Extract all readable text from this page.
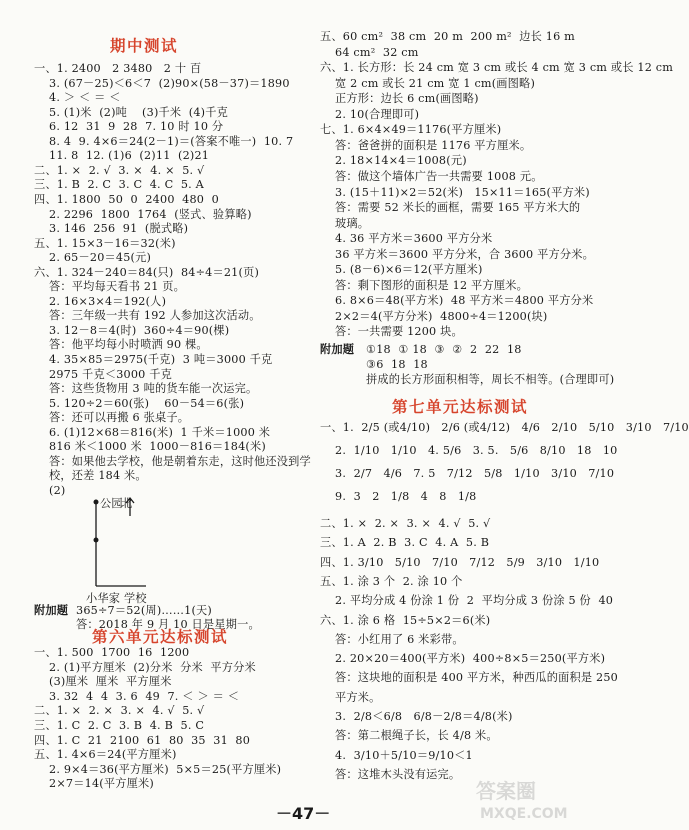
期中测试
一、1. 2400   2 3480   2 十 百
3. (67－25)＜6＜7  (2)90×(58－37)＝1890
4. ＞ ＜ ＝ ＜
5. (1)米  (2)吨    (3)千米  (4)千克
6. 12  31  9  28  7. 10 时 10 分
8. 4  9. 4×6＝24(2－1)＝(答案不唯一)  10. 7
11. 8  12. (1)6  (2)11  (2)21
二、1. ×  2. √  3. ×  4. ×  5. √
三、1. B  2. C  3. C  4. C  5. A
四、1. 1800  50  0  2400  480  0
2. 2296  1800  1764  (竖式、验算略)
3. 146  256  91  (脱式略)
五、1. 15×3－16＝32(米)
2. 65－20＝45(元)
六、1. 324－240＝84(只)  84÷4＝21(页)
答：平均每天看书 21 页。
2. 16×3×4＝192(人)
答：三年级一共有 192 人参加这次活动。
3. 12－8＝4(时)  360÷4＝90(棵)
答：他平均每小时喷洒 90 棵。
4. 35×85＝2975(千克)  3 吨＝3000 千克
2975 千克＜3000 千克
答：这些货物用 3 吨的货车能一次运完。
5. 120÷2＝60(张)    60－54＝6(张)
答：还可以再搬 6 张桌子。
6. (1)12×68＝816(米)  1 千米＝1000 米
816 米＜1000 米  1000－816＝184(米)
答：如果他去学校，他是朝着东走，这时他还没到学
校，还差 184 米。
(2)
公园
北
小华家 学校
附加题 365÷7＝52(周)……1(天)
答：2018 年 9 月 10 日是星期一。
第六单元达标测试
一、1. 500  1700  16  1200
2. (1)平方厘米  (2)分米  分米  平方分米
(3)厘米  厘米  平方厘米
3. 32  4  4  3. 6  49  7. ＜ ＞ ＝ ＜
二、1. ×  2. ×  3. ×  4. √  5. √
三、1. C  2. C  3. B  4. B  5. C
四、1. C  21  2100  61  80  35  31  80
五、1. 4×6＝24(平方厘米)
2. 9×4＝36(平方厘米)  5×5＝25(平方厘米)
2×7＝14(平方厘米)
五、60 cm²  38 cm  20 m  200 m²  边长 16 m
64 cm²  32 cm
六、1. 长方形：长 24 cm 宽 3 cm 或长 4 cm 宽 3 cm 或长 12 cm
宽 2 cm 或长 21 cm 宽 1 cm(画图略)
正方形：边长 6 cm(画图略)
2. 10(合理即可)
七、1. 6×4×49＝1176(平方厘米)
答：爸爸拼的面积是 1176 平方厘米。
2. 18×14×4＝1008(元)
答：做这个墙体广告一共需要 1008 元。
3. (15＋11)×2＝52(米)   15×11＝165(平方米)
答：需要 52 米长的画框，需要 165 平方米大的
玻璃。
4. 36 平方米＝3600 平方分米
36 平方米＝3600 平方分米，合 3600 平方分米。
5. (8－6)×6＝12(平方厘米)
答：剩下图形的面积是 12 平方厘米。
6. 8×6＝48(平方米)  48 平方米＝4800 平方分米
2×2＝4(平方分米)  4800÷4＝1200(块)
答：一共需要 1200 块。
附加题 ①18  ① 18  ③  ②  2  22  18
③6  18  18
拼成的长方形面积相等，周长不相等。(合理即可)
第七单元达标测试
一、1.  2/5 (或4/10)   2/6 (或4/12)   4/6   2/10   5/10   3/10   7/10
2.  1/10   1/10   4. 5/6   3. 5.   5/6   8/10   18   10
3.  2/7   4/6   7. 5   7/12   5/8   1/10   3/10   7/10
9.  3   2   1/8   4   8   1/8
二、1. ×  2. ×  3. ×  4. √  5. √
三、1. A  2. B  3. C  4. A  5. B
四、1. 3/10   5/10   7/10   7/12   5/9   3/10   1/10
五、1. 涂 3 个  2. 涂 10 个
2. 平均分成 4 份涂 1 份  2  平均分成 3 份涂 5 份  40
六、1. 涂 6 格  15÷5×2＝6(米)
答：小红用了 6 米彩带。
2. 20×20＝400(平方米)  400÷8×5＝250(平方米)
答：这块地的面积是 400 平方米，种西瓜的面积是 250
平方米。
3.  2/8＜6/8   6/8－2/8＝4/8(米)
答：第二根绳子长，长 4/8 米。
4.  3/10＋5/10＝9/10＜1
答：这堆木头没有运完。
－47－
答案圈
MXQE.COM
